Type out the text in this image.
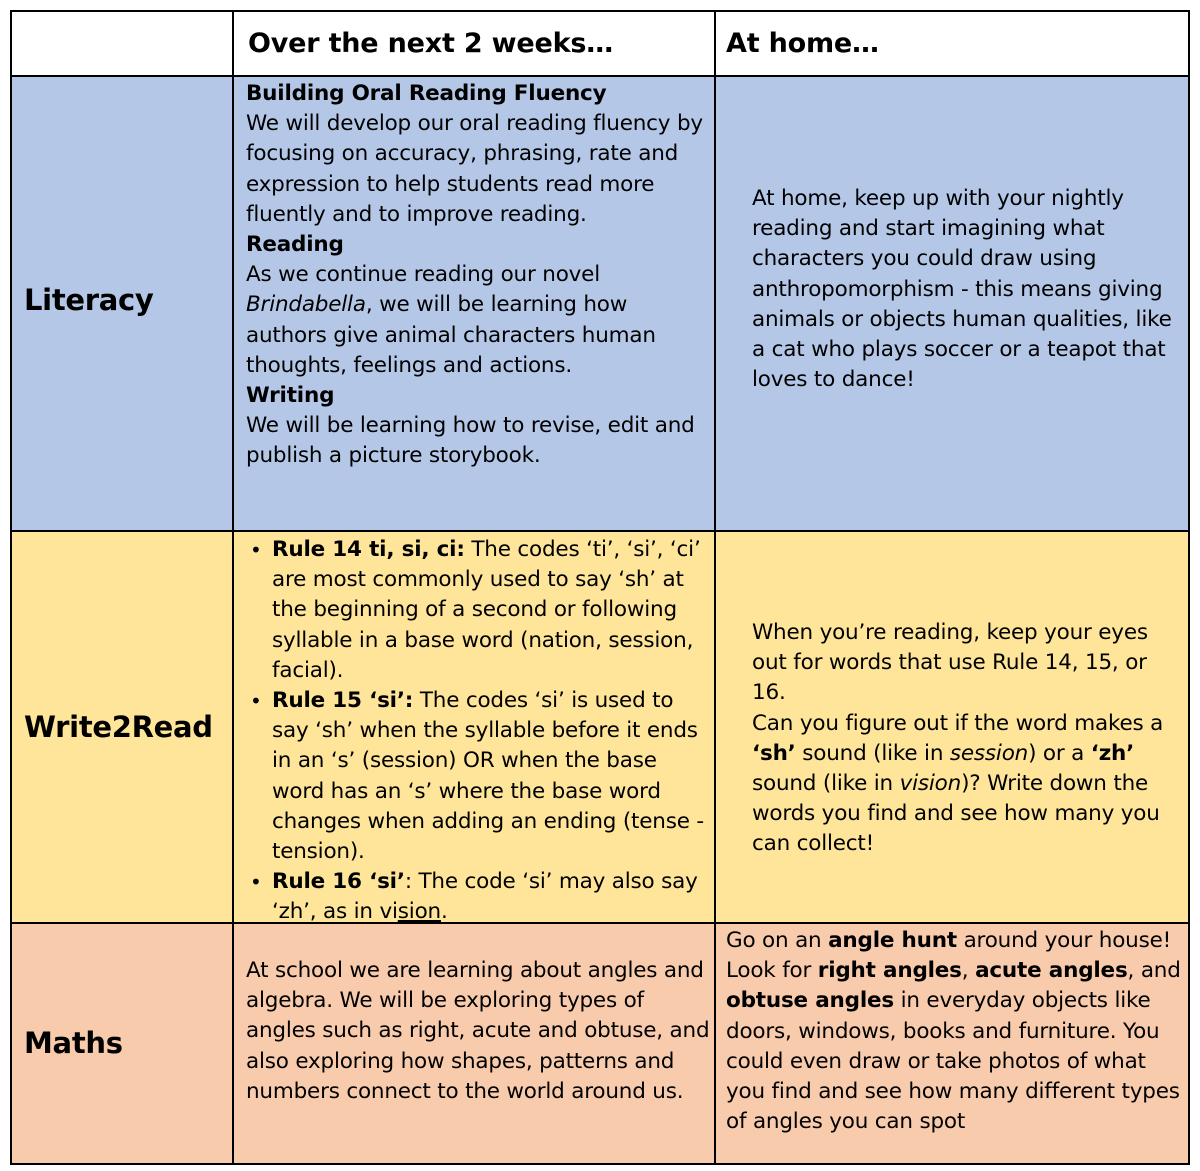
Over the next 2 weeks…	At home…
Literacy
Building Oral Reading Fluency
We will develop our oral reading fluency by focusing on accuracy, phrasing, rate and expression to help students read more fluently and to improve reading.
Reading
As we continue reading our novel Brindabella, we will be learning how authors give animal characters human thoughts, feelings and actions.
Writing
We will be learning how to revise, edit and publish a picture storybook.
At home, keep up with your nightly reading and start imagining what characters you could draw using anthropomorphism - this means giving animals or objects human qualities, like a cat who plays soccer or a teapot that loves to dance!
Write2Read
• Rule 14 ti, si, ci: The codes ‘ti’, ‘si’, ‘ci’ are most commonly used to say ‘sh’ at the beginning of a second or following syllable in a base word (nation, session, facial).
• Rule 15 ‘si’: The codes ‘si’ is used to say ‘sh’ when the syllable before it ends in an ‘s’ (session) OR when the base word has an ‘s’ where the base word changes when adding an ending (tense - tension).
• Rule 16 ‘si’: The code ‘si’ may also say ‘zh’, as in vision.
When you’re reading, keep your eyes out for words that use Rule 14, 15, or 16.
Can you figure out if the word makes a ‘sh’ sound (like in session) or a ‘zh’ sound (like in vision)? Write down the words you find and see how many you can collect!
Maths
At school we are learning about angles and algebra. We will be exploring types of angles such as right, acute and obtuse, and also exploring how shapes, patterns and numbers connect to the world around us.
Go on an angle hunt around your house! Look for right angles, acute angles, and obtuse angles in everyday objects like doors, windows, books and furniture. You could even draw or take photos of what you find and see how many different types of angles you can spot
